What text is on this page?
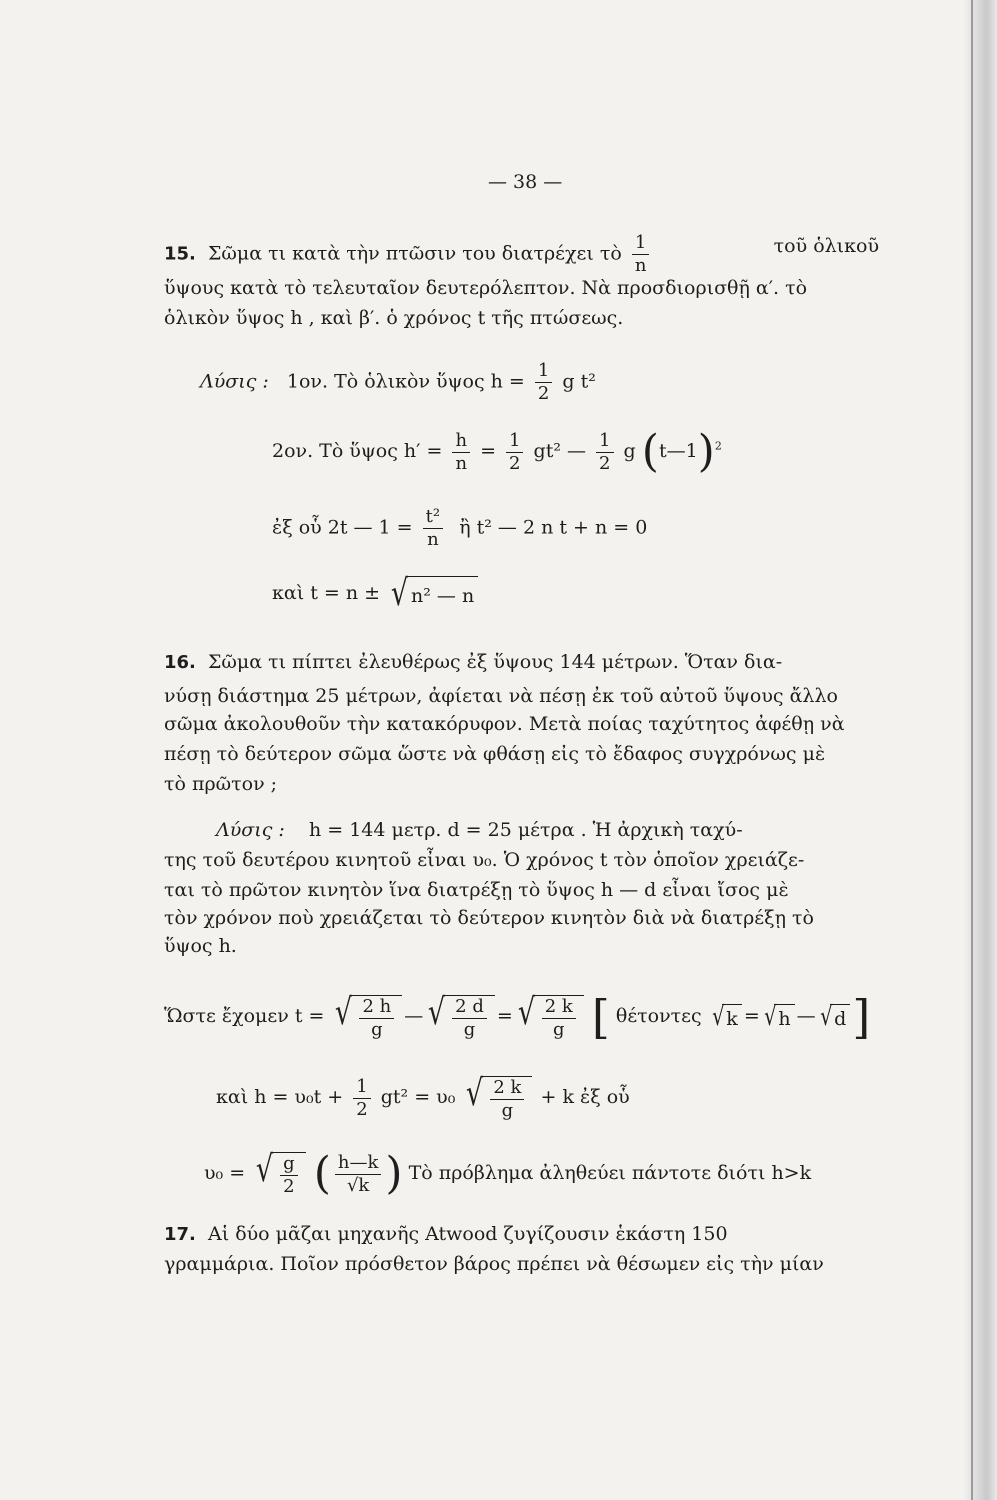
— 38 —
15. Σῶμα τι κατὰ τὴν πτῶσιν του διατρέχει τὸ $\frac{1}{n}$	τοῦ ὁλικοῦ
ὕψους κατὰ τὸ τελευταῖον δευτερόλεπτον. Νὰ προσδιορισθῇ α′. τὸ
ὁλικὸν ὕψος h , καὶ β′. ὁ χρόνος t τῆς πτώσεως.
Λύσις : 1ον. Τὸ ὁλικὸν ὕψος $h = \frac{1}{2}$ g t²
2ον. Τὸ ὕψος $h' = \frac{h}{n} = \frac{1}{2} gt^2$ — $\frac{1}{2}$ g (t—1)$^2$
ἐξ οὗ 2t — $1 = \frac{\text{t²}}{n}$ ἢ t² — 2 n t + n = 0
καὶ t = n ± √ n² — n
16. Σῶμα τι πίπτει ἐλευθέρως ἐξ ὕψους 144 μέτρων. Ὅταν δια-
νύσῃ διάστημα 25 μέτρων, ἀφίεται νὰ πέσῃ ἐκ τοῦ αὐτοῦ ὕψους ἄλλο
σῶμα ἀκολουθοῦν τὴν κατακόρυφον. Μετὰ ποίας ταχύτητος ἀφέθῃ νὰ
πέσῃ τὸ δεύτερον σῶμα ὥστε νὰ φθάσῃ εἰς τὸ ἔδαφος συγχρόνως μὲ
τὸ πρῶτον ;
Λύσις : h = 144 μετρ. d = 25 μέτρα . Ἡ ἀρχικὴ ταχύ-
της τοῦ δευτέρου κινητοῦ εἶναι υ₀. Ὁ χρόνος t τὸν ὁποῖον χρειάζε-
ται τὸ πρῶτον κινητὸν ἵνα διατρέξῃ τὸ ὕψος h — d εἶναι ἴσος μὲ
τὸν χρόνον ποὺ χρειάζεται τὸ δεύτερον κινητὸν διὰ νὰ διατρέξῃ τὸ
ὕψος h.
Ὥστε ἔχομεν t = √ $\frac{2 h}{g}$ — √ $\frac{2 d}{g}$ = √ $\frac{2 k}{g}$ [ θέτοντες √ k = √ h — √ d ]
καὶ $h = \upsilon_0t + \frac{1}{2} gt^2 = \upsilon_0$ √ $\frac{2 k}{g} + k$ ἐξ οὗ
υ₀ = √ $\frac{g}{2}$ ( $\frac{h—k}{√k}$ ) Τὸ πρόβλημα ἀληθεύει πάντοτε διότι h>k
17. Αἱ δύο μᾶζαι μηχανῆς Atwood ζυγίζουσιν ἑκάστη 150
γραμμάρια. Ποῖον πρόσθετον βάρος πρέπει νὰ θέσωμεν εἰς τὴν μίαν
